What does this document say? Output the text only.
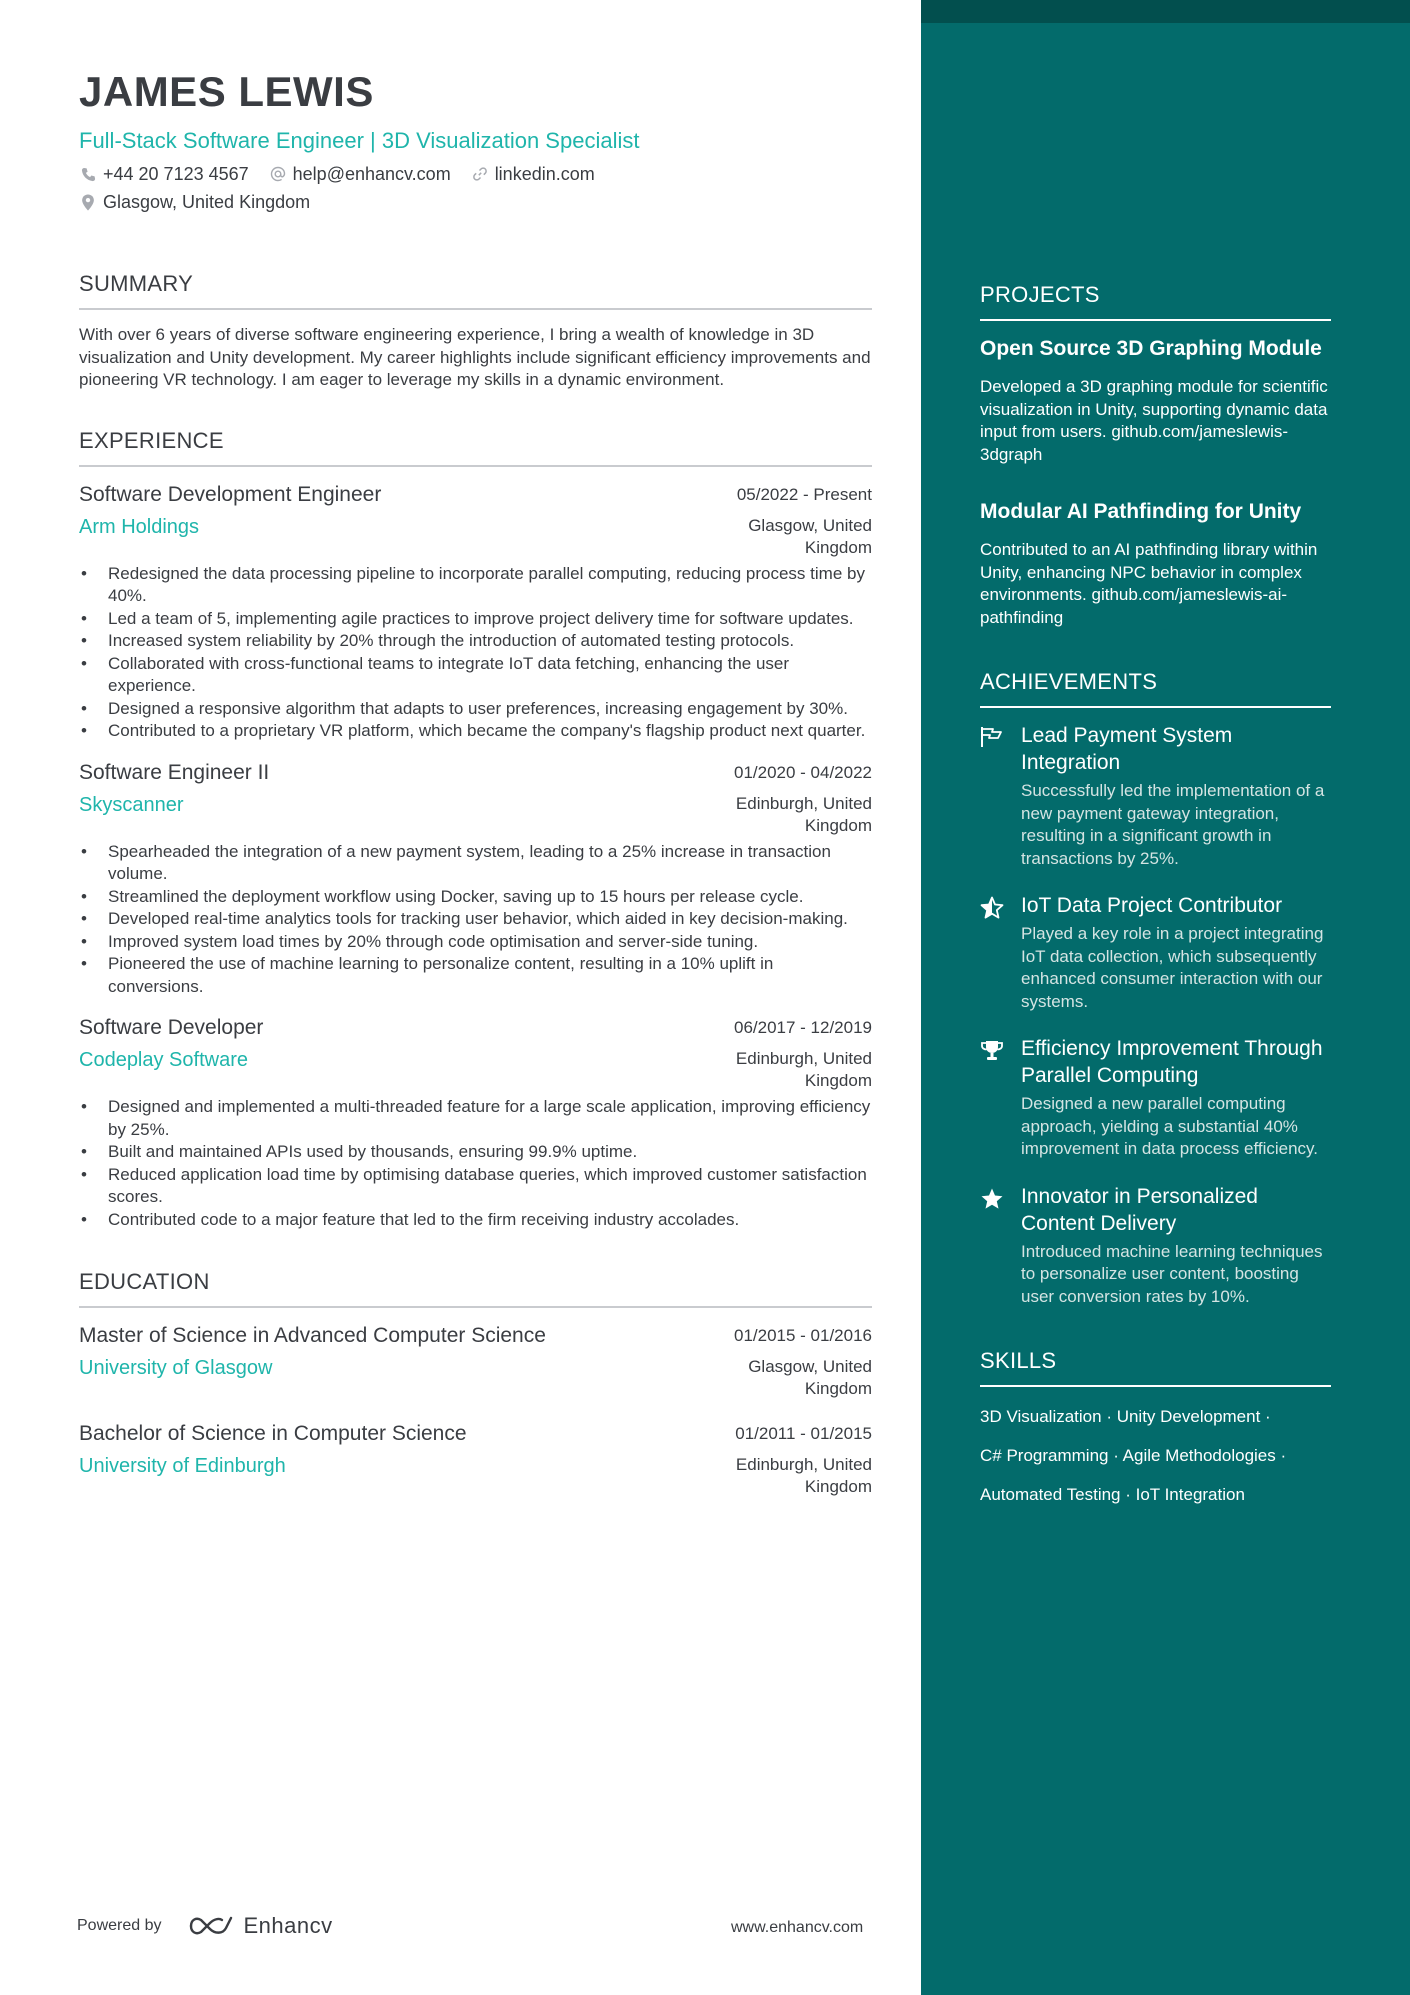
PROJECTS
Open Source 3D Graphing Module
Developed a 3D graphing module for scientific visualization in Unity, supporting dynamic data input from users. github.com/jameslewis-3dgraph
Modular AI Pathfinding for Unity
Contributed to an AI pathfinding library within Unity, enhancing NPC behavior in complex environments. github.com/jameslewis-ai-pathfinding
ACHIEVEMENTS
Lead Payment System Integration
Successfully led the implementation of a new payment gateway integration, resulting in a significant growth in transactions by 25%.
IoT Data Project Contributor
Played a key role in a project integrating IoT data collection, which subsequently enhanced consumer interaction with our systems.
Efficiency Improvement Through Parallel Computing
Designed a new parallel computing approach, yielding a substantial 40% improvement in data process efficiency.
Innovator in Personalized Content Delivery
Introduced machine learning techniques to personalize user content, boosting user conversion rates by 10%.
SKILLS
3D Visualization · Unity Development ·
C# Programming · Agile Methodologies ·
Automated Testing · IoT Integration
JAMES LEWIS
Full-Stack Software Engineer | 3D Visualization Specialist
+44 20 7123 4567 help@enhancv.com linkedin.com
Glasgow, United Kingdom
SUMMARY
With over 6 years of diverse software engineering experience, I bring a wealth of knowledge in 3D visualization and Unity development. My career highlights include significant efficiency improvements and pioneering VR technology. I am eager to leverage my skills in a dynamic environment.
EXPERIENCE
Software Development Engineer	05/2022 - Present
Arm Holdings	Glasgow, United Kingdom
• Redesigned the data processing pipeline to incorporate parallel computing, reducing process time by 40%.
• Led a team of 5, implementing agile practices to improve project delivery time for software updates.
• Increased system reliability by 20% through the introduction of automated testing protocols.
• Collaborated with cross-functional teams to integrate IoT data fetching, enhancing the user experience.
• Designed a responsive algorithm that adapts to user preferences, increasing engagement by 30%.
• Contributed to a proprietary VR platform, which became the company's flagship product next quarter.
Software Engineer II	01/2020 - 04/2022
Skyscanner	Edinburgh, United Kingdom
• Spearheaded the integration of a new payment system, leading to a 25% increase in transaction volume.
• Streamlined the deployment workflow using Docker, saving up to 15 hours per release cycle.
• Developed real-time analytics tools for tracking user behavior, which aided in key decision-making.
• Improved system load times by 20% through code optimisation and server-side tuning.
• Pioneered the use of machine learning to personalize content, resulting in a 10% uplift in conversions.
Software Developer	06/2017 - 12/2019
Codeplay Software	Edinburgh, United Kingdom
• Designed and implemented a multi-threaded feature for a large scale application, improving efficiency by 25%.
• Built and maintained APIs used by thousands, ensuring 99.9% uptime.
• Reduced application load time by optimising database queries, which improved customer satisfaction scores.
• Contributed code to a major feature that led to the firm receiving industry accolades.
EDUCATION
Master of Science in Advanced Computer Science	01/2015 - 01/2016
University of Glasgow	Glasgow, United Kingdom
Bachelor of Science in Computer Science	01/2011 - 01/2015
University of Edinburgh	Edinburgh, United Kingdom
Powered by	Enhancv	www.enhancv.com
